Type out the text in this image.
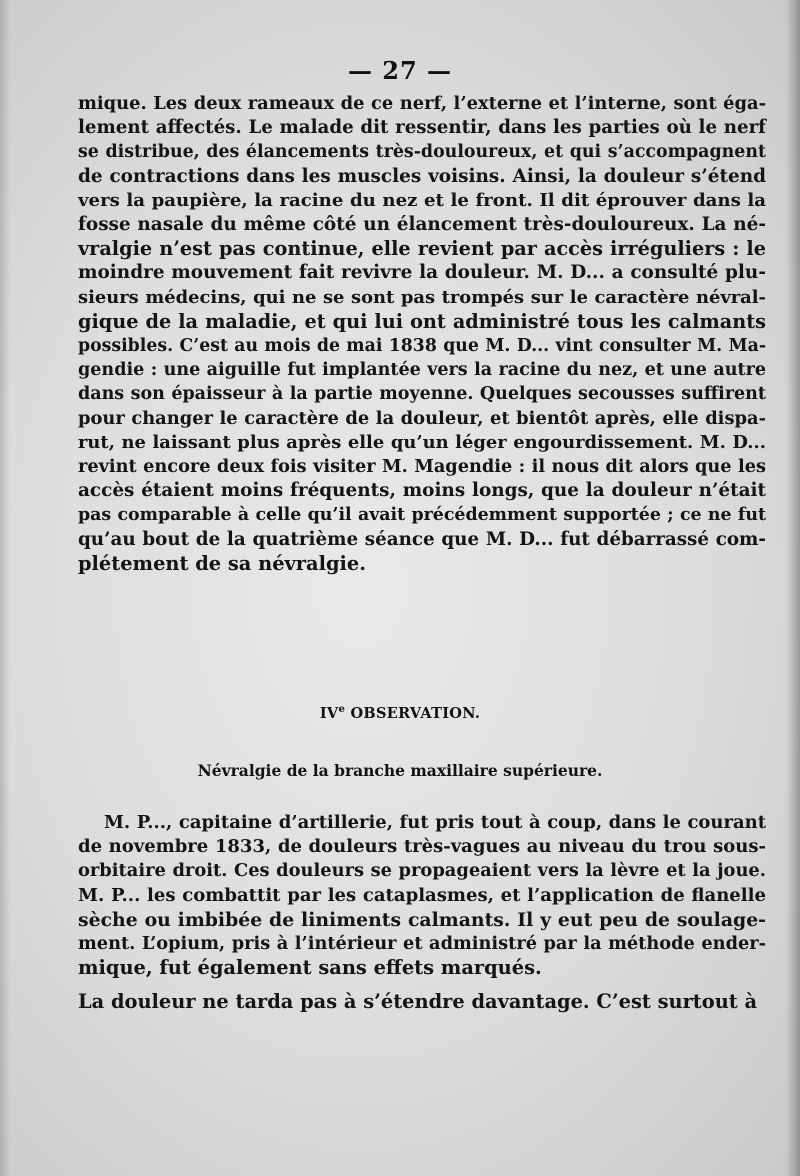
— 27 —
mique. Les deux rameaux de ce nerf, l’externe et l’interne, sont éga-
lement affectés. Le malade dit ressentir, dans les parties où le nerf
se distribue, des élancements très-douloureux, et qui s’accompagnent
de contractions dans les muscles voisins. Ainsi, la douleur s’étend
vers la paupière, la racine du nez et le front. Il dit éprouver dans la
fosse nasale du même côté un élancement très-douloureux. La né-
vralgie n’est pas continue, elle revient par accès irréguliers : le
moindre mouvement fait revivre la douleur. M. D... a consulté plu-
sieurs médecins, qui ne se sont pas trompés sur le caractère névral-
gique de la maladie, et qui lui ont administré tous les calmants
possibles. C’est au mois de mai 1838 que M. D... vint consulter M. Ma-
gendie : une aiguille fut implantée vers la racine du nez, et une autre
dans son épaisseur à la partie moyenne. Quelques secousses suffirent
pour changer le caractère de la douleur, et bientôt après, elle dispa-
rut, ne laissant plus après elle qu’un léger engourdissement. M. D...
revint encore deux fois visiter M. Magendie : il nous dit alors que les
accès étaient moins fréquents, moins longs, que la douleur n’était
pas comparable à celle qu’il avait précédemment supportée ; ce ne fut
qu’au bout de la quatrième séance que M. D... fut débarrassé com-
plétement de sa névralgie.
IVe OBSERVATION.
Névralgie de la branche maxillaire supérieure.
M. P..., capitaine d’artillerie, fut pris tout à coup, dans le courant
de novembre 1833, de douleurs très-vagues au niveau du trou sous-
orbitaire droit. Ces douleurs se propageaient vers la lèvre et la joue.
M. P... les combattit par les cataplasmes, et l’application de flanelle
sèche ou imbibée de liniments calmants. Il y eut peu de soulage-
ment. L’opium, pris à l’intérieur et administré par la méthode ender-
mique, fut également sans effets marqués.
La douleur ne tarda pas à s’étendre davantage. C’est surtout à
